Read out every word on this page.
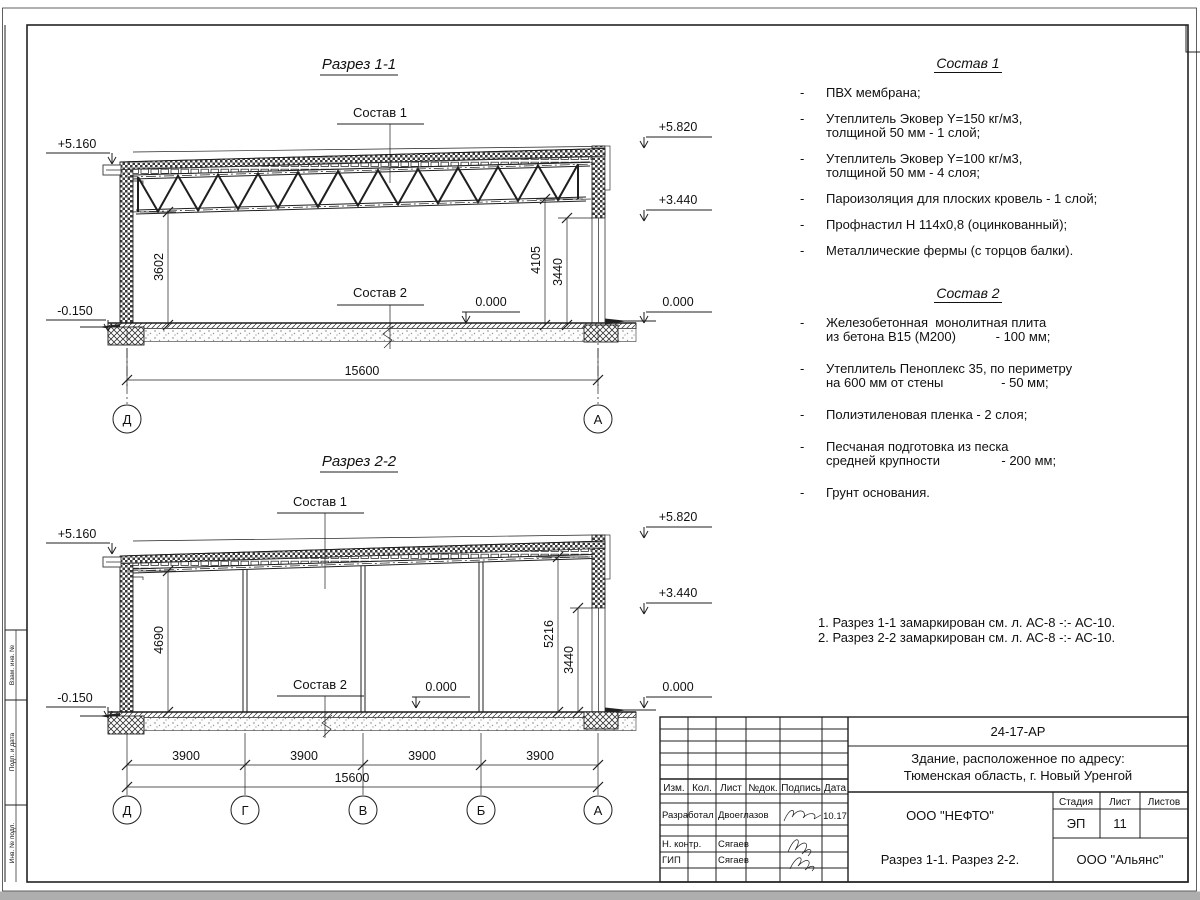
Взам. инв. №
Подп. и дата
Инв. № подл.
Разрез 1-1
Состав 1
Состав 2
+5.160
+5.820
+3.440
-0.150
0.000	0.000
3602	4105 3440
15600
Д	А
Разрез 2-2
Состав 1
Состав 2
+5.160
+5.820
+3.440
-0.150
0.000	0.000
4690	5216
3440
3900	3900	3900	3900
15600
Д	Г	В	Б	А
Изм. Кол. Лист №док. Подпись Дата
Разработал Двоеглазов	10.17
Н. контр. Сягаев
ГИП	Сягаев
24-17-АР
Здание, расположенное по адресу:
Тюменская область, г. Новый Уренгой
ООО "НЕФТО"
Стадия Лист Листов
ЭП 11
Разрез 1-1. Разрез 2-2.	ООО "Альянс"
Состав 1
-	ПВХ мембрана;
-	Утеплитель Эковер Y=150 кг/м3,
толщиной 50 мм - 1 слой;
-	Утеплитель Эковер Y=100 кг/м3,
толщиной 50 мм - 4 слоя;
-	Пароизоляция для плоских кровель - 1 слой;
-	Профнастил Н 114х0,8 (оцинкованный);
-	Металлические фермы (с торцов балки).
Состав 2
-	Железобетонная  монолитная плита
из бетона В15 (М200)           - 100 мм;
-	Утеплитель Пеноплекс 35, по периметру
на 600 мм от стены                - 50 мм;
-	Полиэтиленовая пленка - 2 слоя;
-	Песчаная подготовка из песка
средней крупности                 - 200 мм;
-	Грунт основания.
1. Разрез 1-1 замаркирован см. л. АС-8 -:- АС-10.
2. Разрез 2-2 замаркирован см. л. АС-8 -:- АС-10.
